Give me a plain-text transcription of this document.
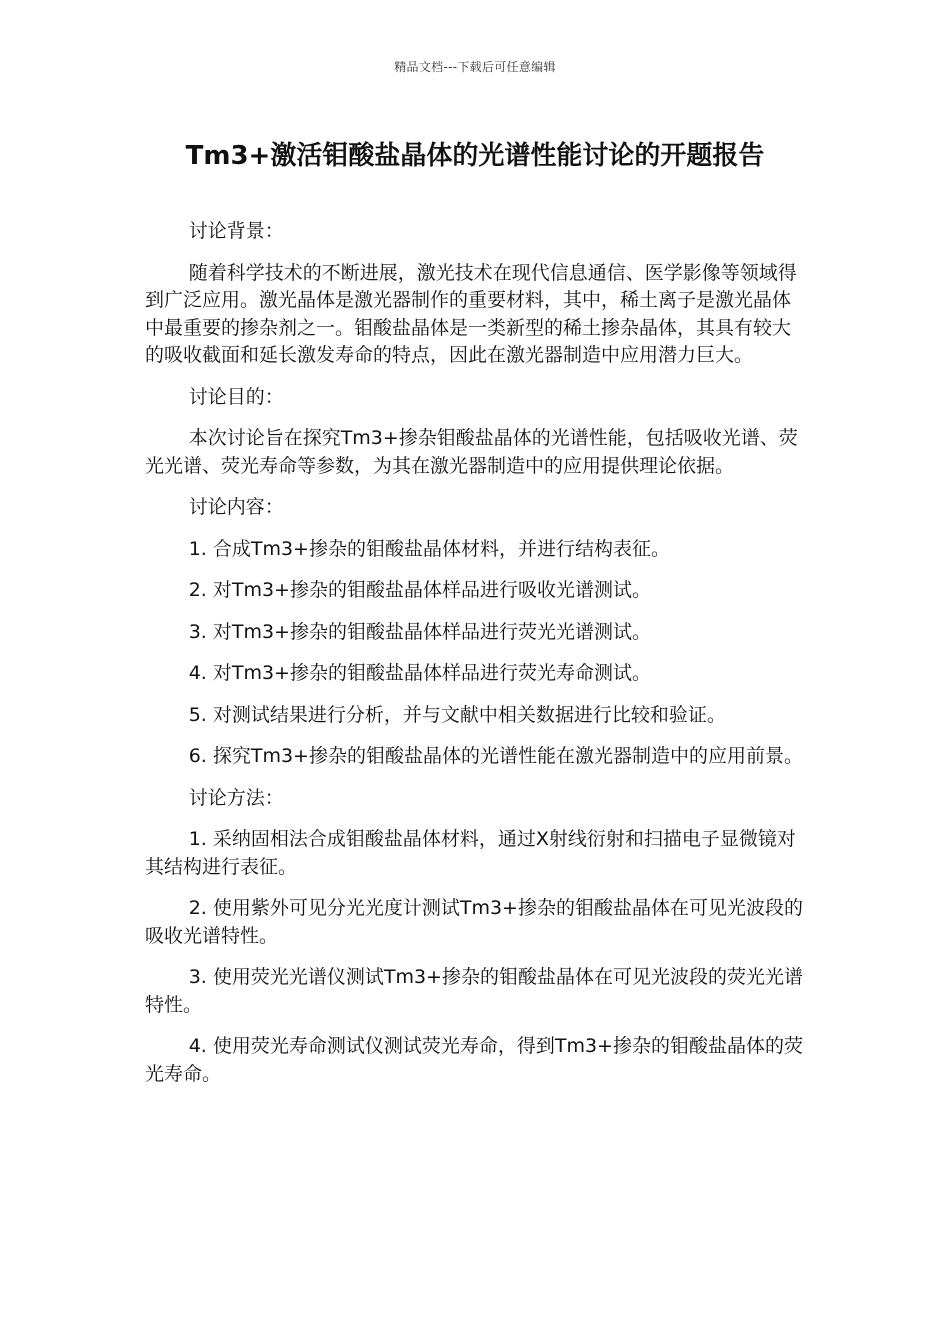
精品文档---下载后可任意编辑
Tm3+激活钼酸盐晶体的光谱性能讨论的开题报告

讨论背景：

随着科学技术的不断进展，激光技术在现代信息通信、医学影像等领域得到广泛应用。激光晶体是激光器制作的重要材料，其中，稀土离子是激光晶体中最重要的掺杂剂之一。钼酸盐晶体是一类新型的稀土掺杂晶体，其具有较大的吸收截面和延长激发寿命的特点，因此在激光器制造中应用潜力巨大。

讨论目的：

本次讨论旨在探究Tm3+掺杂钼酸盐晶体的光谱性能，包括吸收光谱、荧光光谱、荧光寿命等参数，为其在激光器制造中的应用提供理论依据。

讨论内容：

1. 合成Tm3+掺杂的钼酸盐晶体材料，并进行结构表征。

2. 对Tm3+掺杂的钼酸盐晶体样品进行吸收光谱测试。

3. 对Tm3+掺杂的钼酸盐晶体样品进行荧光光谱测试。

4. 对Tm3+掺杂的钼酸盐晶体样品进行荧光寿命测试。

5. 对测试结果进行分析，并与文献中相关数据进行比较和验证。

6. 探究Tm3+掺杂的钼酸盐晶体的光谱性能在激光器制造中的应用前景。

讨论方法：

1. 采纳固相法合成钼酸盐晶体材料，通过X射线衍射和扫描电子显微镜对其结构进行表征。

2. 使用紫外可见分光光度计测试Tm3+掺杂的钼酸盐晶体在可见光波段的吸收光谱特性。

3. 使用荧光光谱仪测试Tm3+掺杂的钼酸盐晶体在可见光波段的荧光光谱特性。

4. 使用荧光寿命测试仪测试荧光寿命，得到Tm3+掺杂的钼酸盐晶体的荧光寿命。
